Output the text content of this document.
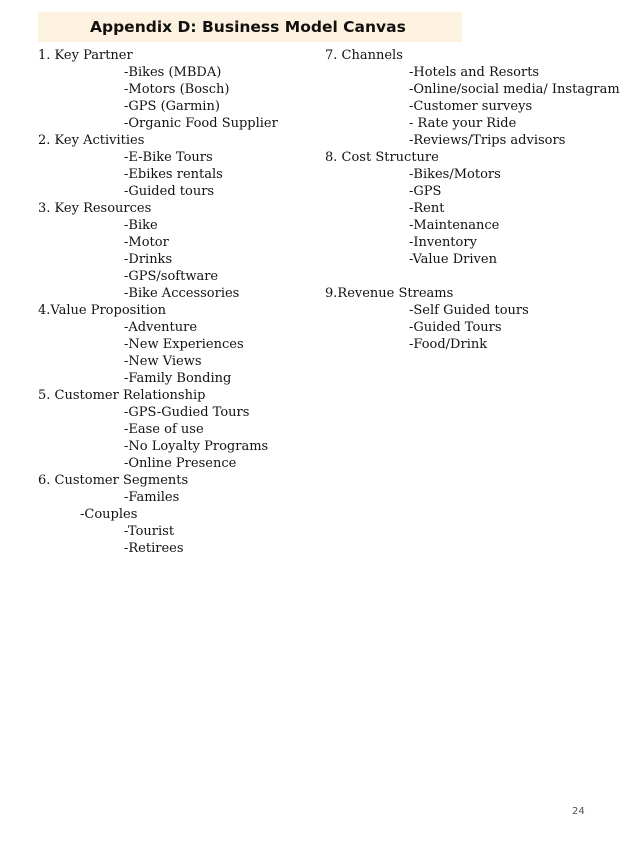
Appendix D: Business Model Canvas
1. Key Partner
-Bikes (MBDA)
-Motors (Bosch)
-GPS (Garmin)
-Organic Food Supplier
2. Key Activities
-E-Bike Tours
-Ebikes rentals
-Guided tours
3. Key Resources
-Bike
-Motor
-Drinks
-GPS/software
-Bike Accessories
4.Value Proposition
-Adventure
-New Experiences
-New Views
-Family Bonding
5. Customer Relationship
-GPS-Gudied Tours
-Ease of use
-No Loyalty Programs
-Online Presence
6. Customer Segments
-Familes
-Couples
-Tourist
-Retirees
7. Channels
-Hotels and Resorts
-Online/social media/ Instagram
-Customer surveys
- Rate your Ride
-Reviews/Trips advisors
8. Cost Structure
-Bikes/Motors
-GPS
-Rent
-Maintenance
-Inventory
-Value Driven
9.Revenue Streams
-Self Guided tours
-Guided Tours
-Food/Drink
24
